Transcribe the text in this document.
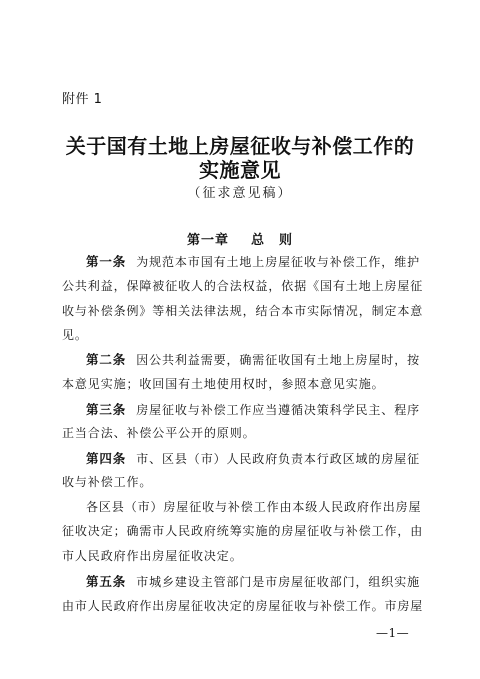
附件 1
关于国有土地上房屋征收与补偿工作的
实施意见
（征求意见稿）
第一章 总　则
第一条 为规范本市国有土地上房屋征收与补偿工作，维护
公共利益，保障被征收人的合法权益，依据《国有土地上房屋征
收与补偿条例》等相关法律法规，结合本市实际情况，制定本意
见。
第二条 因公共利益需要，确需征收国有土地上房屋时，按
本意见实施；收回国有土地使用权时，参照本意见实施。
第三条 房屋征收与补偿工作应当遵循决策科学民主、程序
正当合法、补偿公平公开的原则。
第四条 市、区县（市）人民政府负责本行政区域的房屋征
收与补偿工作。
各区县（市）房屋征收与补偿工作由本级人民政府作出房屋
征收决定；确需市人民政府统筹实施的房屋征收与补偿工作，由
市人民政府作出房屋征收决定。
第五条 市城乡建设主管部门是市房屋征收部门，组织实施
由市人民政府作出房屋征收决定的房屋征收与补偿工作。市房屋
—1—
